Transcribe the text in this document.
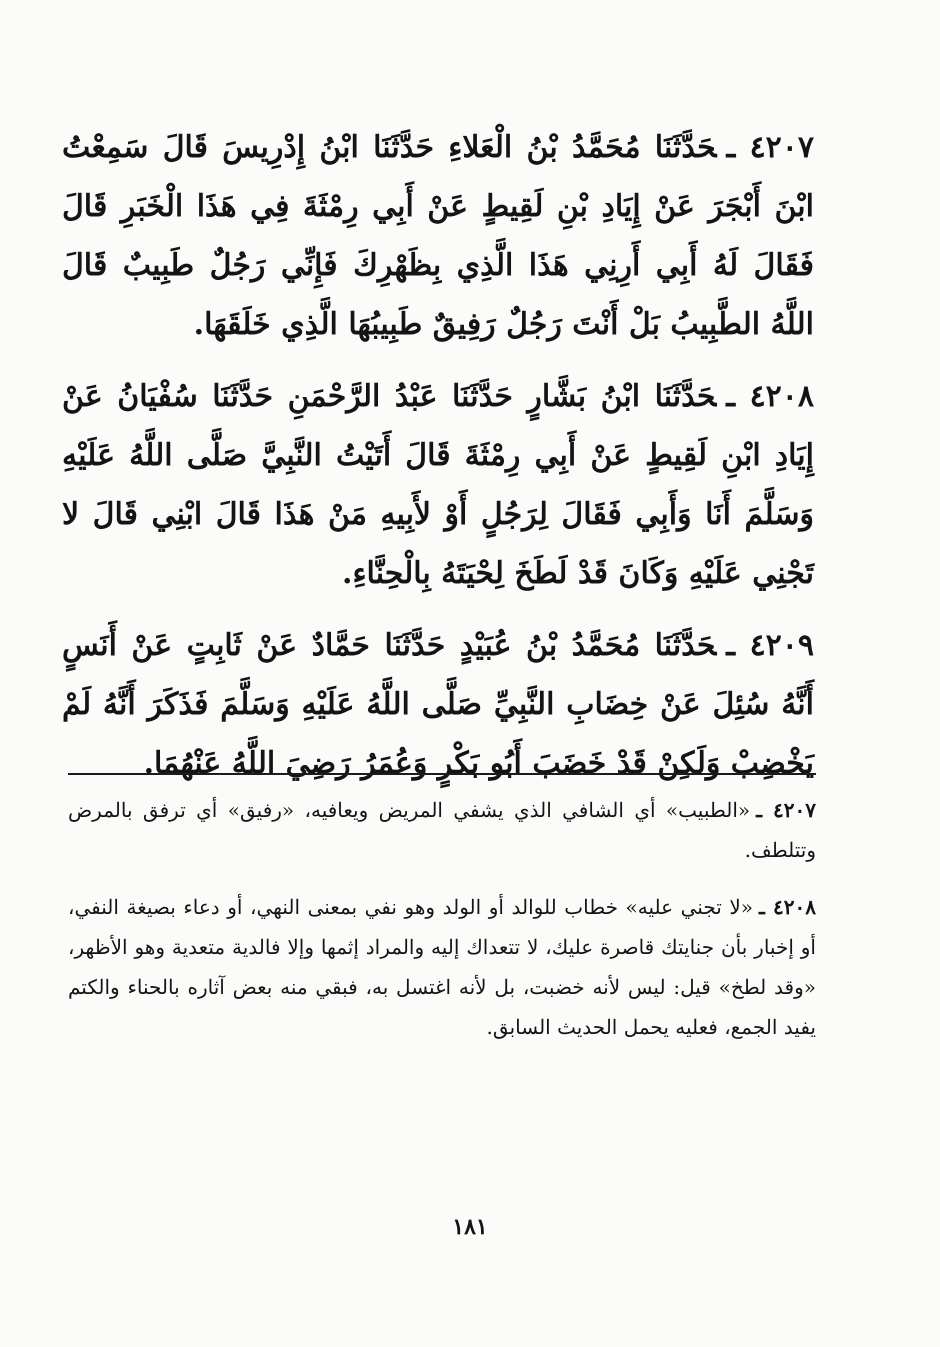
٤٢٠٧ ـحَدَّثَنَا مُحَمَّدُ بْنُ الْعَلاءِ حَدَّثَنَا ابْنُ إِدْرِيسَ قَالَ سَمِعْتُ ابْنَ أَبْجَرَ عَنْ إِيَادِ بْنِ لَقِيطٍ عَنْ أَبِي رِمْثَةَ فِي هَذَا الْخَبَرِ قَالَ فَقَالَ لَهُ أَبِي أَرِنِي هَذَا الَّذِي بِظَهْرِكَ فَإِنِّي رَجُلٌ طَبِيبٌ قَالَ اللَّهُ الطَّبِيبُ بَلْ أَنْتَ رَجُلٌ رَفِيقٌ طَبِيبُهَا الَّذِي خَلَقَهَا.

٤٢٠٨ ـحَدَّثَنَا ابْنُ بَشَّارٍ حَدَّثَنَا عَبْدُ الرَّحْمَنِ حَدَّثَنَا سُفْيَانُ عَنْ إِيَادِ ابْنِ لَقِيطٍ عَنْ أَبِي رِمْثَةَ قَالَ أَتَيْتُ النَّبِيَّ صَلَّى اللَّهُ عَلَيْهِ وَسَلَّمَ أَنَا وَأَبِي فَقَالَ لِرَجُلٍ أَوْ لأَبِيهِ مَنْ هَذَا قَالَ ابْنِي قَالَ لا تَجْنِي عَلَيْهِ وَكَانَ قَدْ لَطَخَ لِحْيَتَهُ بِالْحِنَّاءِ.

٤٢٠٩ ـحَدَّثَنَا مُحَمَّدُ بْنُ عُبَيْدٍ حَدَّثَنَا حَمَّادٌ عَنْ ثَابِتٍ عَنْ أَنَسٍ أَنَّهُ سُئِلَ عَنْ خِضَابِ النَّبِيِّ صَلَّى اللَّهُ عَلَيْهِ وَسَلَّمَ فَذَكَرَ أَنَّهُ لَمْ يَخْضِبْ وَلَكِنْ قَدْ خَضَبَ أَبُو بَكْرٍ وَعُمَرُ رَضِيَ اللَّهُ عَنْهُمَا.

٤٢٠٧ ـ«الطبيب» أي الشافي الذي يشفي المريض ويعافيه، «رفيق» أي ترفق بالمرض وتتلطف.

٤٢٠٨ ـ«لا تجني عليه» خطاب للوالد أو الولد وهو نفي بمعنى النهي، أو دعاء بصيغة النفي، أو إخبار بأن جنايتك قاصرة عليك، لا تتعداك إليه والمراد إثمها وإلا فالدية متعدية وهو الأظهر، «وقد لطخ» قيل: ليس لأنه خضبت، بل لأنه اغتسل به، فبقي منه بعض آثاره بالحناء والكتم يفيد الجمع، فعليه يحمل الحديث السابق.

١٨١
